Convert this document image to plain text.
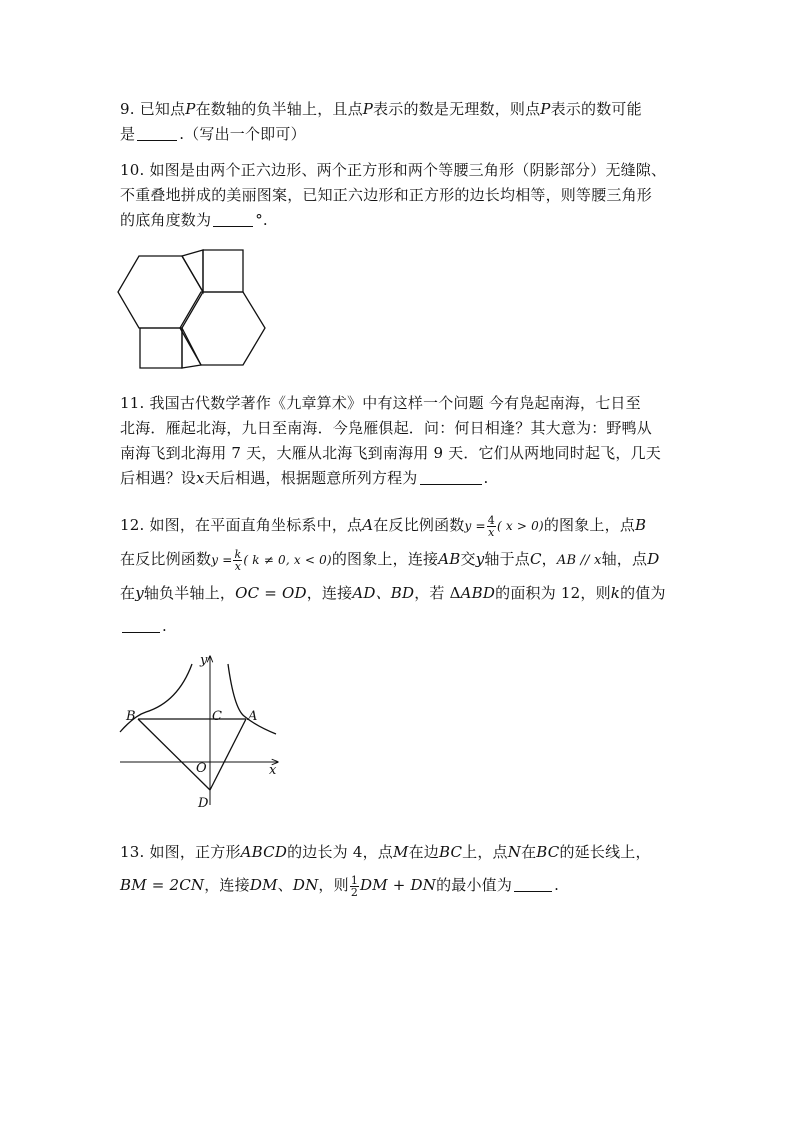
9. 已知点P在数轴的负半轴上，且点P表示的数是无理数，则点P表示的数可能
是	.（写出一个即可）
10. 如图是由两个正六边形、两个正方形和两个等腰三角形（阴影部分）无缝隙、
不重叠地拼成的美丽图案，已知正六边形和正方形的边长均相等，则等腰三角形
的底角度数为	°.
11. 我国古代数学著作《九章算术》中有这样一个问题 今有凫起南海，七日至
北海．雁起北海，九日至南海．今凫雁俱起．问：何日相逢？其大意为：野鸭从
南海飞到北海用 7 天，大雁从北海飞到南海用 9 天．它们从两地同时起飞，几天
后相遇？设x天后相遇，根据题意所列方程为	.
12. 如图，在平面直角坐标系中，点A在反比例函数$y = \frac{4}{x}$ ( x > 0)的图象上，点B
在反比例函数$y = \frac{k}{x}$ ( k ≠ 0, x < 0)的图象上，连接AB交y轴于点C，AB // x轴，点D
在y轴负半轴上，OC = OD，连接AD、BD，若 ΔABD的面积为 12，则k的值为
.
y
x
B	C A
O
D
13. 如图，正方形ABCD的边长为 4，点M在边BC上，点N在BC的延长线上，
BM = 2CN，连接DM、DN，则 $\frac{1}{2}$ DM + DN的最小值为	.
